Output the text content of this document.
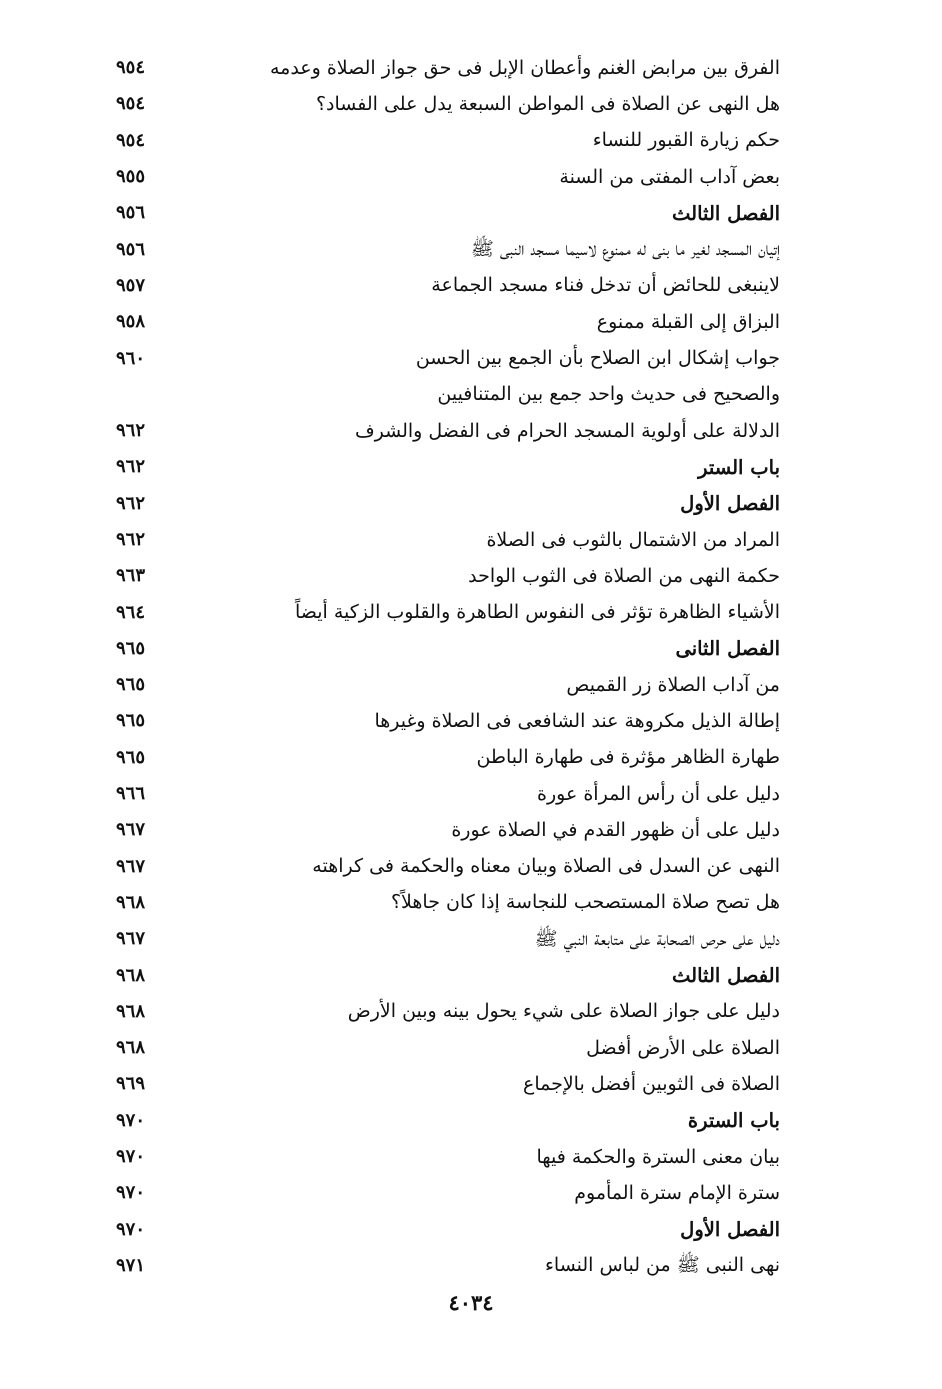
الفرق بين مرابض الغنم وأعطان الإبل فى حق جواز الصلاة وعدمه
٩٥٤
هل النهى عن الصلاة فى المواطن السبعة يدل على الفساد؟
٩٥٤
حكم زيارة القبور للنساء
٩٥٤
بعض آداب المفتى من السنة
٩٥٥
الفصل الثالث
٩٥٦
إتيان المسجد لغير ما بنى له ممنوع لاسيما مسجد النبى ﷺ
٩٥٦
لاينبغى للحائض أن تدخل فناء مسجد الجماعة
٩٥٧
البزاق إلى القبلة ممنوع
٩٥٨
جواب إشكال ابن الصلاح بأن الجمع بين الحسن
٩٦٠
والصحيح فى حديث واحد جمع بين المتنافيين
الدلالة على أولوية المسجد الحرام فى الفضل والشرف
٩٦٢
باب الستر
٩٦٢
الفصل الأول
٩٦٢
المراد من الاشتمال بالثوب فى الصلاة
٩٦٢
حكمة النهى من الصلاة فى الثوب الواحد
٩٦٣
الأشياء الظاهرة تؤثر فى النفوس الطاهرة والقلوب الزكية أيضاً
٩٦٤
الفصل الثانى
٩٦٥
من آداب الصلاة زر القميص
٩٦٥
إطالة الذيل مكروهة عند الشافعى فى الصلاة وغيرها
٩٦٥
طهارة الظاهر مؤثرة فى طهارة الباطن
٩٦٥
دليل على أن رأس المرأة عورة
٩٦٦
دليل على أن ظهور القدم في الصلاة عورة
٩٦٧
النهى عن السدل فى الصلاة وبيان معناه والحكمة فى كراهته
٩٦٧
هل تصح صلاة المستصحب للنجاسة إذا كان جاهلاً؟
٩٦٨
دليل على حرص الصحابة على متابعة النبي ﷺ
٩٦٧
الفصل الثالث
٩٦٨
دليل على جواز الصلاة على شيء يحول بينه وبين الأرض
٩٦٨
الصلاة على الأرض أفضل
٩٦٨
الصلاة فى الثوبين أفضل بالإجماع
٩٦٩
باب السترة
٩٧٠
بيان معنى السترة والحكمة فيها
٩٧٠
سترة الإمام سترة المأموم
٩٧٠
الفصل الأول
٩٧٠
نهى النبى ﷺ من لباس النساء
٩٧١
٤٠٣٤
